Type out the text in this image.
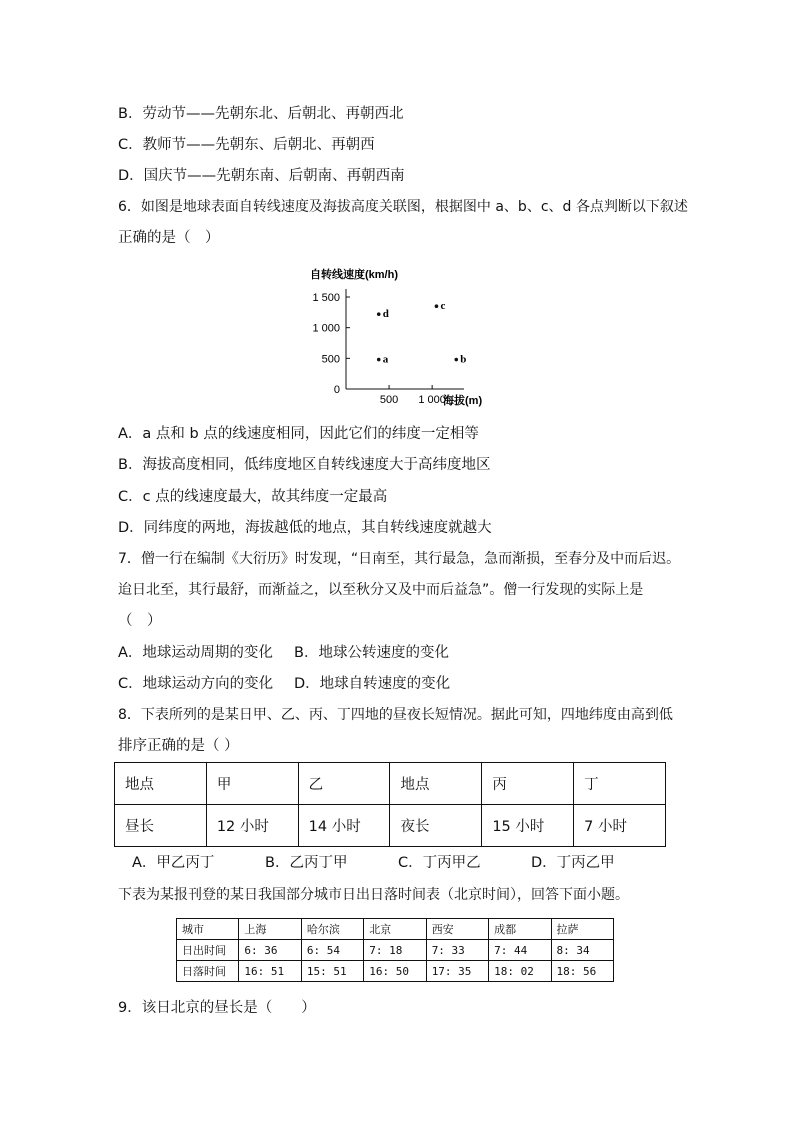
B．劳动节——先朝东北、后朝北、再朝西北
C．教师节——先朝东、后朝北、再朝西
D．国庆节——先朝东南、后朝南、再朝西南
6．如图是地球表面自转线速度及海拔高度关联图，根据图中 a、b、c、d 各点判断以下叙述
正确的是（　）
自转线速度(km/h)
海拔(m)
0
500
1 000
1 500
500 1 000
a	b
c
d
A．a 点和 b 点的线速度相同，因此它们的纬度一定相等
B．海拔高度相同，低纬度地区自转线速度大于高纬度地区
C．c 点的线速度最大，故其纬度一定最高
D．同纬度的两地，海拔越低的地点，其自转线速度就越大
7．僧一行在编制《大衍历》时发现，“日南至，其行最急，急而渐损，至春分及中而后迟。
迨日北至，其行最舒，而渐益之，以至秋分又及中而后益急”。僧一行发现的实际上是
（　）
A．地球运动周期的变化 B．地球公转速度的变化
C．地球运动方向的变化 D．地球自转速度的变化
8．下表所列的是某日甲、乙、丙、丁四地的昼夜长短情况。据此可知，四地纬度由高到低
排序正确的是（ ）
地点	甲	乙	地点	丙	丁
昼长	12 小时	14 小时	夜长	15 小时	7 小时
A．甲乙丙丁	B．乙丙丁甲	C．丁丙甲乙	D．丁丙乙甲
下表为某报刊登的某日我国部分城市日出日落时间表（北京时间），回答下面小题。
城市	上海	哈尔滨	北京	西安	成都	拉萨
日出时间	6: 36	6: 54	7: 18	7: 33	7: 44	8: 34
日落时间	16: 51	15: 51	16: 50	17: 35	18: 02	18: 56
9．该日北京的昼长是（　　）
